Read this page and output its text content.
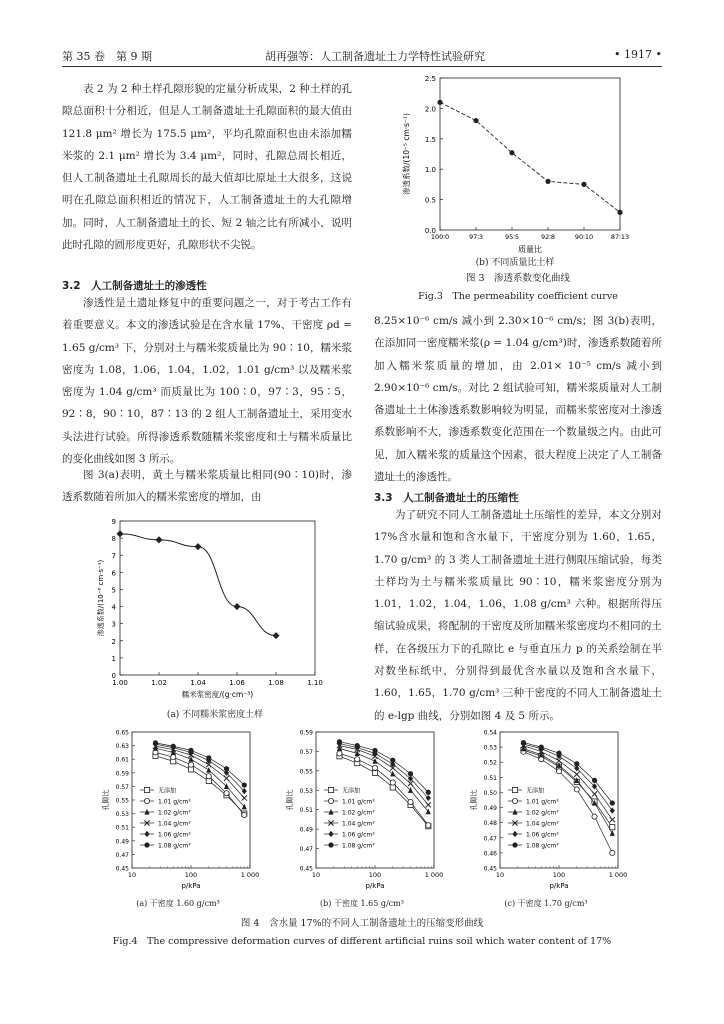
第 35 卷　第 9 期	胡再强等：人工制备遗址土力学特性试验研究	• 1917 •
表 2 为 2 种土样孔隙形貌的定量分析成果，2 种土样的孔隙总面积十分相近，但是人工制备遗址土孔隙面积的最大值由 121.8 μm² 增长为 175.5 μm²，平均孔隙面积也由未添加糯米浆的 2.1 μm² 增长为 3.4 μm²，同时，孔隙总周长相近，但人工制备遗址土孔隙周长的最大值却比原址土大很多，这说明在孔隙总面积相近的情况下，人工制备遗址土的大孔隙增加。同时，人工制备遗址土的长、短 2 轴之比有所减小，说明此时孔隙的圆形度更好，孔隙形状不尖锐。
3.2　人工制备遗址土的渗透性
渗透性是土遗址修复中的重要问题之一，对于考古工作有着重要意义。本文的渗透试验是在含水量 17%、干密度 ρd = 1.65 g/cm³ 下，分别对土与糯米浆质量比为 90∶10，糯米浆密度为 1.08，1.06，1.04，1.02，1.01 g/cm³ 以及糯米浆密度为 1.04 g/cm³ 而质量比为 100∶0，97∶3，95∶5，92∶8，90∶10，87∶13 的 2 组人工制备遗址土，采用变水头法进行试验。所得渗透系数随糯米浆密度和土与糯米质量比的变化曲线如图 3 所示。
图 3(a)表明，黄土与糯米浆质量比相同(90∶10)时，渗透系数随着所加入的糯米浆密度的增加，由
8.25×10⁻⁶ cm/s 减小到 2.30×10⁻⁶ cm/s；图 3(b)表明，在添加同一密度糯米浆(ρ = 1.04 g/cm³)时，渗透系数随着所加入糯米浆质量的增加，由 2.01× 10⁻⁵ cm/s 减小到 2.90×10⁻⁶ cm/s。对比 2 组试验可知，糯米浆质量对人工制备遗址土土体渗透系数影响较为明显，而糯米浆密度对土渗透系数影响不大，渗透系数变化范围在一个数量级之内。由此可见，加入糯米浆的质量这个因素，很大程度上决定了人工制备遗址土的渗透性。
3.3　人工制备遗址土的压缩性
为了研究不同人工制备遗址土压缩性的差异，本文分别对 17%含水量和饱和含水量下，干密度分别为 1.60，1.65，1.70 g/cm³ 的 3 类人工制备遗址土进行侧限压缩试验，每类土样均为土与糯米浆质量比 90∶10，糯米浆密度分别为 1.01，1.02，1.04，1.06，1.08 g/cm³ 六种。根据所得压缩试验成果，将配制的干密度及所加糯米浆密度均不相同的土样，在各级压力下的孔隙比 e 与垂直压力 p 的关系绘制在半对数坐标纸中，分别得到最优含水量以及饱和含水量下，1.60，1.65，1.70 g/cm³ 三种干密度的不同人工制备遗址土的 e-lgp 曲线，分别如图 4 及 5 所示。
0.0
0.5
1.0
1.5
2.0
2.5
100∶0	97∶3	95∶5	92∶8	90∶10	87∶13
质量比
渗透系数/(10⁻⁵ cm·s⁻¹)
(b) 不同质量比土样
图 3　渗透系数变化曲线
Fig.3　The permeability coefficient curve
0
1
2
3
4
5
6
7
8
9
1.00	1.02	1.04	1.06	1.08	1.10
糯米浆密度/(g·cm⁻³)
渗透系数/(10⁻⁶ cm·s⁻¹)
(a) 不同糯米浆密度土样
0.45
0.47
0.49
0.51
0.53
0.55
0.57
0.59
0.61
0.63
0.65
10	100	1 000
p/kPa
孔隙比	无添加
1.01 g/cm³
1.02 g/cm³
1.04 g/cm³
1.06 g/cm³
1.08 g/cm³
0.45
0.47
0.49
0.51
0.53
0.55
0.57
0.59
10	100	1 000
p/kPa
孔隙比	无添加
1.01 g/cm³
1.02 g/cm³
1.04 g/cm³
1.06 g/cm³
1.08 g/cm³
0.45
0.46
0.47
0.48
0.49
0.50
0.51
0.52
0.53
0.54
10	100	1 000
p/kPa
孔隙比	无添加
1.01 g/cm³
1.02 g/cm³
1.04 g/cm³
1.06 g/cm³
1.08 g/cm³
(a) 干密度 1.60 g/cm³	(b) 干密度 1.65 g/cm³	(c) 干密度 1.70 g/cm³
图 4　含水量 17%的不同人工制备遗址土的压缩变形曲线
Fig.4　The compressive deformation curves of different artificial ruins soil which water content of 17%
